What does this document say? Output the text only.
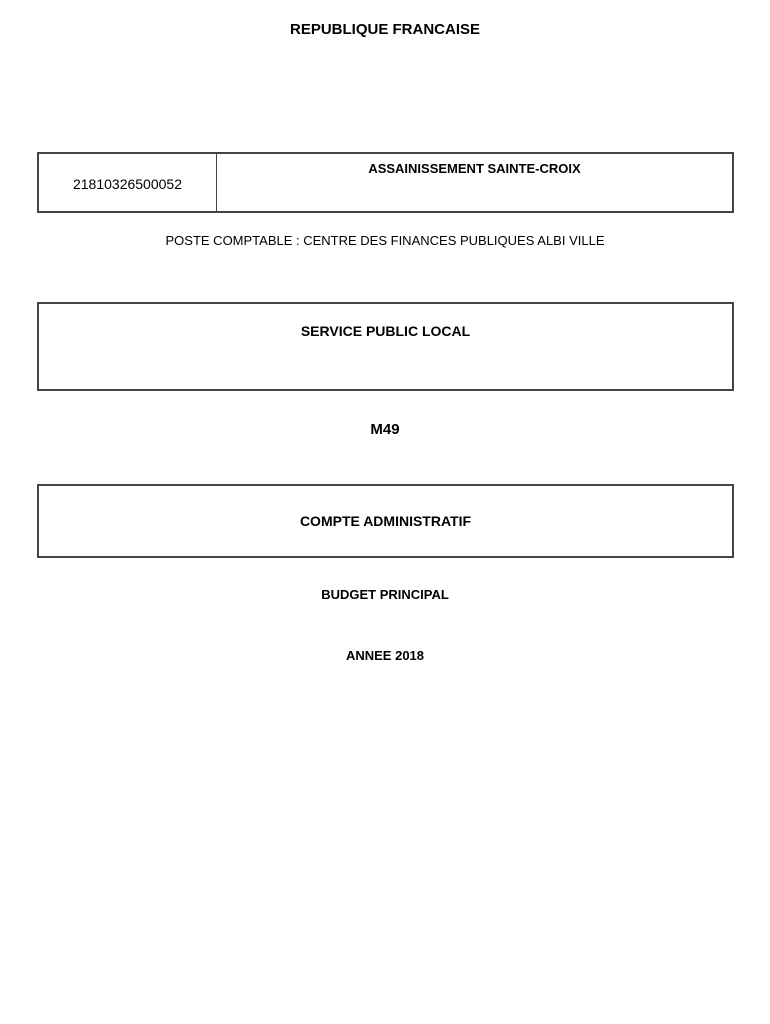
REPUBLIQUE FRANCAISE
21810326500052
ASSAINISSEMENT SAINTE-CROIX
POSTE COMPTABLE : CENTRE DES FINANCES PUBLIQUES ALBI VILLE
SERVICE PUBLIC LOCAL
M49
COMPTE ADMINISTRATIF
BUDGET PRINCIPAL
ANNEE 2018
